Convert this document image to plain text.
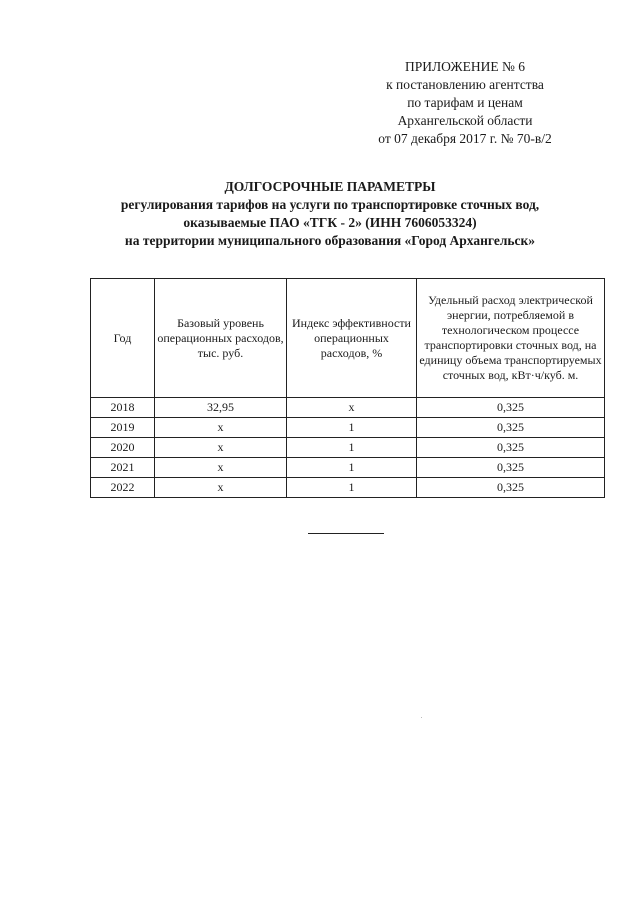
ПРИЛОЖЕНИЕ № 6
к постановлению агентства
по тарифам и ценам
Архангельской области
от 07 декабря 2017 г. № 70-в/2
ДОЛГОСРОЧНЫЕ ПАРАМЕТРЫ
регулирования тарифов на услуги по транспортировке сточных вод,
оказываемые ПАО «ТГК - 2» (ИНН 7606053324)
на территории муниципального образования «Город Архангельск»
Год	Базовый уровень операционных расходов, тыс. руб.	Индекс эффективности операционных расходов, %	Удельный расход электрической энергии, потребляемой в технологическом процессе транспортировки сточных вод, на единицу объема транспортируемых сточных вод, кВт·ч/куб. м.
2018	32,95	х	0,325
2019	х	1	0,325
2020	х	1	0,325
2021	х	1	0,325
2022	х	1	0,325
